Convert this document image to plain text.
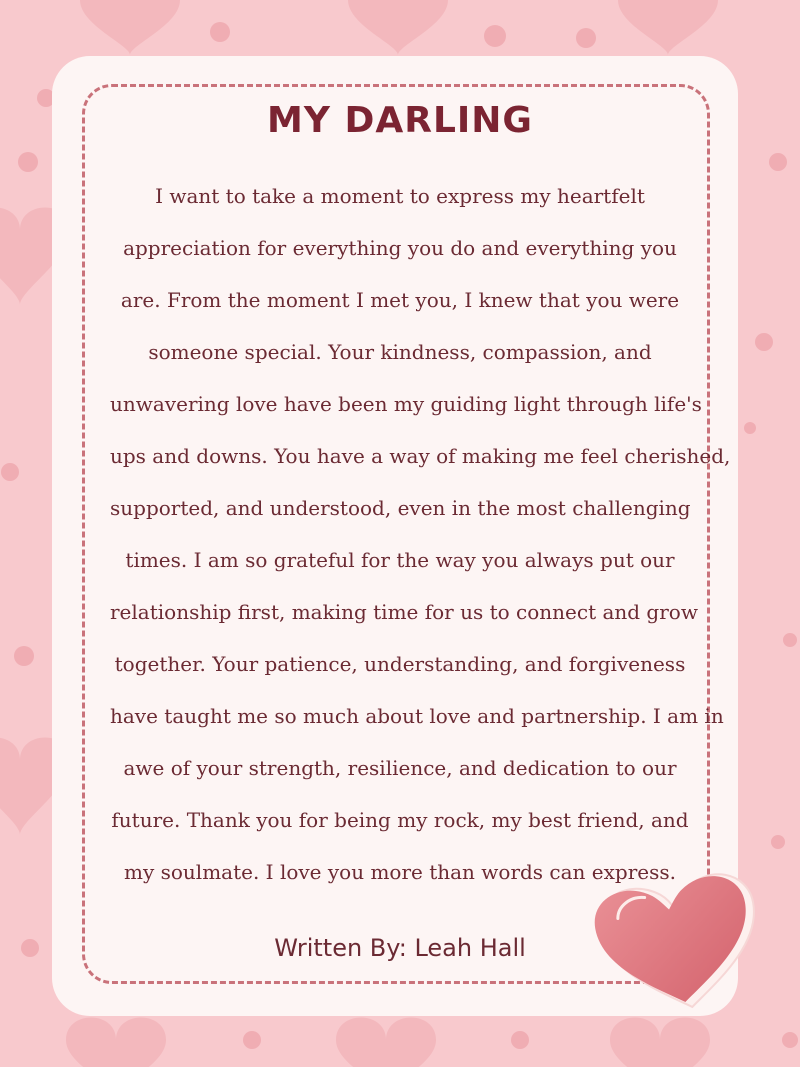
MY DARLING
I want to take a moment to express my heartfelt
appreciation for everything you do and everything you
are. From the moment I met you, I knew that you were
someone special. Your kindness, compassion, and
unwavering love have been my guiding light through life's
ups and downs. You have a way of making me feel cherished,
supported, and understood, even in the most challenging
times. I am so grateful for the way you always put our
relationship first, making time for us to connect and grow
together. Your patience, understanding, and forgiveness
have taught me so much about love and partnership. I am in
awe of your strength, resilience, and dedication to our
future. Thank you for being my rock, my best friend, and
my soulmate. I love you more than words can express.
Written By: Leah Hall
